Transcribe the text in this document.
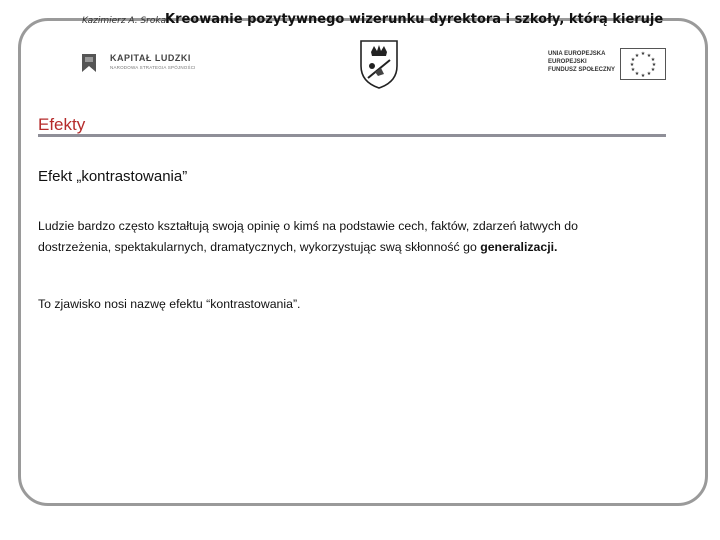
Kazimierz A. Sroka
Kreowanie pozytywnego wizerunku dyrektora i szkoły, którą kieruje
KAPITAŁ LUDZKI
NARODOWA STRATEGIA SPÓJNOŚCI
UNIA EUROPEJSKA
EUROPEJSKI
FUNDUSZ SPOŁECZNY
★ ★
★
★
★
★
★
★
★
★
★
★
Efekty
Efekt „kontrastowania”
Ludzie bardzo często kształtują swoją opinię o kimś na podstawie cech, faktów, zdarzeń łatwych do dostrzeżenia, spektakularnych, dramatycznych, wykorzystując swą skłonność go generalizacji.
To zjawisko nosi nazwę efektu “kontrastowania”.
